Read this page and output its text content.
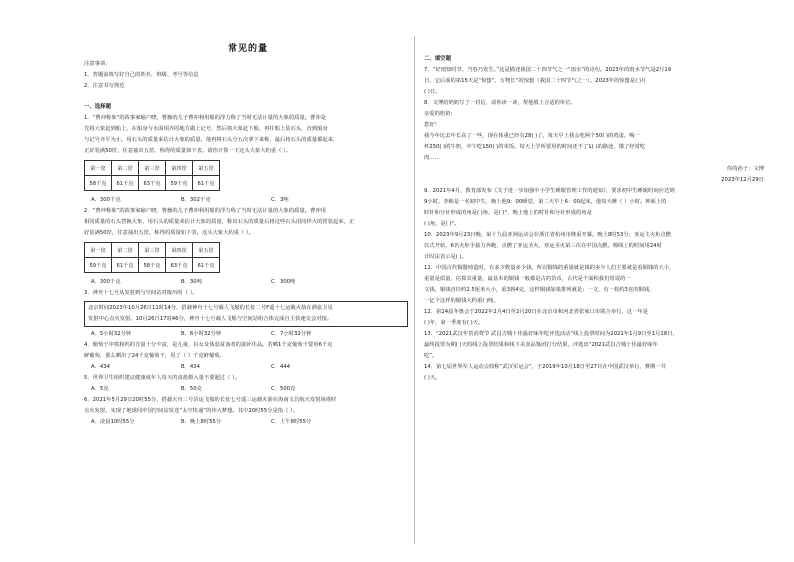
常见的量
注意事项：
1．答题前填写好自己的姓名、班级、考号等信息
2．注意书写规范
一、选择题
1．“曹冲称象”的故事家喻户晓，曹操的儿子曹冲利用船的浮力称了当时无法计量的大象的质量。曹冲是
先将大象赶到船上，在船身与水面相齐的地方做上记号，然后将大象赶下船，再往船上装石头，直到船身
与记号齐平为止，用石头的质量来估计大象的质量。他再将石头分五次拿下来称，最后将石头的质量都起来，
正好装满50筐，任意抽出五筐，称得的质量如下表。请你计算一下这头大象大约重（ ）。
第一筐	第二筐	第三筐	第四筐	第五筐
58千克	61千克	63千克	59千克	61千克
A．300千克	B．302千克	C．3吨
2．“曹冲称象”的故事家喻户晓，曹操的儿子曹冲利用船的浮力称了当时无法计量的大象的质量。曹冲用
相同质量的石头替换大象，用石头的质量来估计大象的质量，称出石头的质量后将这些石头用同样大的筐装起来，正
好装满50筐，任意抽出五筐，称得的质量如下表。这头大象大约重（ ）。
第一筐	第二筐	第三筐	第四筐	第五筐
59千克	61千克	58千克	63千克	61千克
A．300千克	B．30吨	C．300吨
3．神舟十七号从发射到与空间站对接历时（ ）。
北京时间2023年10月26日11时14分，搭载神舟十七号载人飞船的长征二号F遥十七运载火箭在酒泉卫星
发射中心点火发射。10月26日17时46分，神舟十七号载人飞船与空间站组合体完成自主快速交会对接。
A．5小时32分钟	B．6小时32分钟	C．7小时32分钟
4．葡萄干中铁和钙的含量十分丰富，是儿童、妇女及体弱贫血者的滋补佳品。若晒1千克葡萄干要用6千克
鲜葡萄，那么晒出了24千克葡萄干，用了（ ）千克鲜葡萄。
A．434	B．434	C．444
5．世界卫生组织建议健康成年人每天的食盐摄入量不要超过（ ）。
A．5克	B．50克	C．500克
6．2021年5月29日20时55分，搭载天舟二号货运飞船的长征七号遥三运载火箭在海南文昌航天发射场准时
点火发射，实现了地球同中国空间站发送“太空快递”的伟大梦想。其中20时55分是指（ ）。
A．凌晨10时55分	B．晚上8时55分	C．上午8时55分
二、填空题
7．“好雨知时节，当春乃发生。”这是描述我国二十四节气之一“雨水”的诗句。2023年的雨水节气是2月19
日，它后面的第15天是“惊蛰”，万物长”的惊蛰（我国二十四节气之一）。2023年的惊蛰是( )月
( )日。
8．文博给奶奶写了一封信，请你读一读，帮他填上合适的单位。
亲爱的奶奶：
您好！
我今年比去年长高了一些，现在体重已经有28( )了，每天早上我会吃两个50( )的鸡蛋，喝一
杯250( )的牛奶，中午吃150( )的米饭。每天上学所要用的时间还不了1( )的路途，饿了经常吃
肉……
你的孙子：文博
2023年12月29日
9．2021年4月，教育部发布《关于进一步加强中小学生睡眠管理工作的通知》，要求初中生睡眠时间应达到
9小时。李彬是一名初中生，晚上他9：00睡觉，第二天早上6：00起床，他每天睡（ ）小时。钟面上的
时针和分针形成的角是( )角，是( )°，晚上他上的时针和分针形成的角是
( )角，是( )°。
10．2023年9月23日晚，第十九届亚洲运动会在浙江省杭州市隆重开幕。晚上8时53分，亚运主火炬点燃
仪式开始，6名火炬手接力奔跑，点燃了亚运圣火，亚运圣火第三次在中国点燃。棉线上的时间用24时
计时法表示是( )。
11．中国古代铜器铸造时，有多少数量多少钱，所以铜钱的重量就是钱的多少人们主要就是看铜钱的大小，
重量是质量，估算其重量，最基本的铜钱一般都是古的货币，古代是个面积我们常说的一
文钱，铜钱直径约2.5厘米大小，重3到4克，这样铜钱加果排列就是；一文，有一枚约3克的铜钱，
一亿个这样的铜钱大约重( )吨。
12．第24届冬奥会于2022年2月4日至2月20日在北京市和河北省张家口市联合举行，这一年是
( )年，第一季度有( )天。
13．“2021武汉年货消费节 武昌吉城十佳最好味年吃评选活动”线上投票时间为2021年1月9日至1月18日，
最终投票为期( )天的线上投票结果和线下美食品鉴团打分结果，评选出“2021武昌吉城十佳最好味年
吃”。
14．第七届世界军人运动会简称“武汉军运会”，于2019年10月18日至27日在中国武汉举行，赛期一共
( )天。
